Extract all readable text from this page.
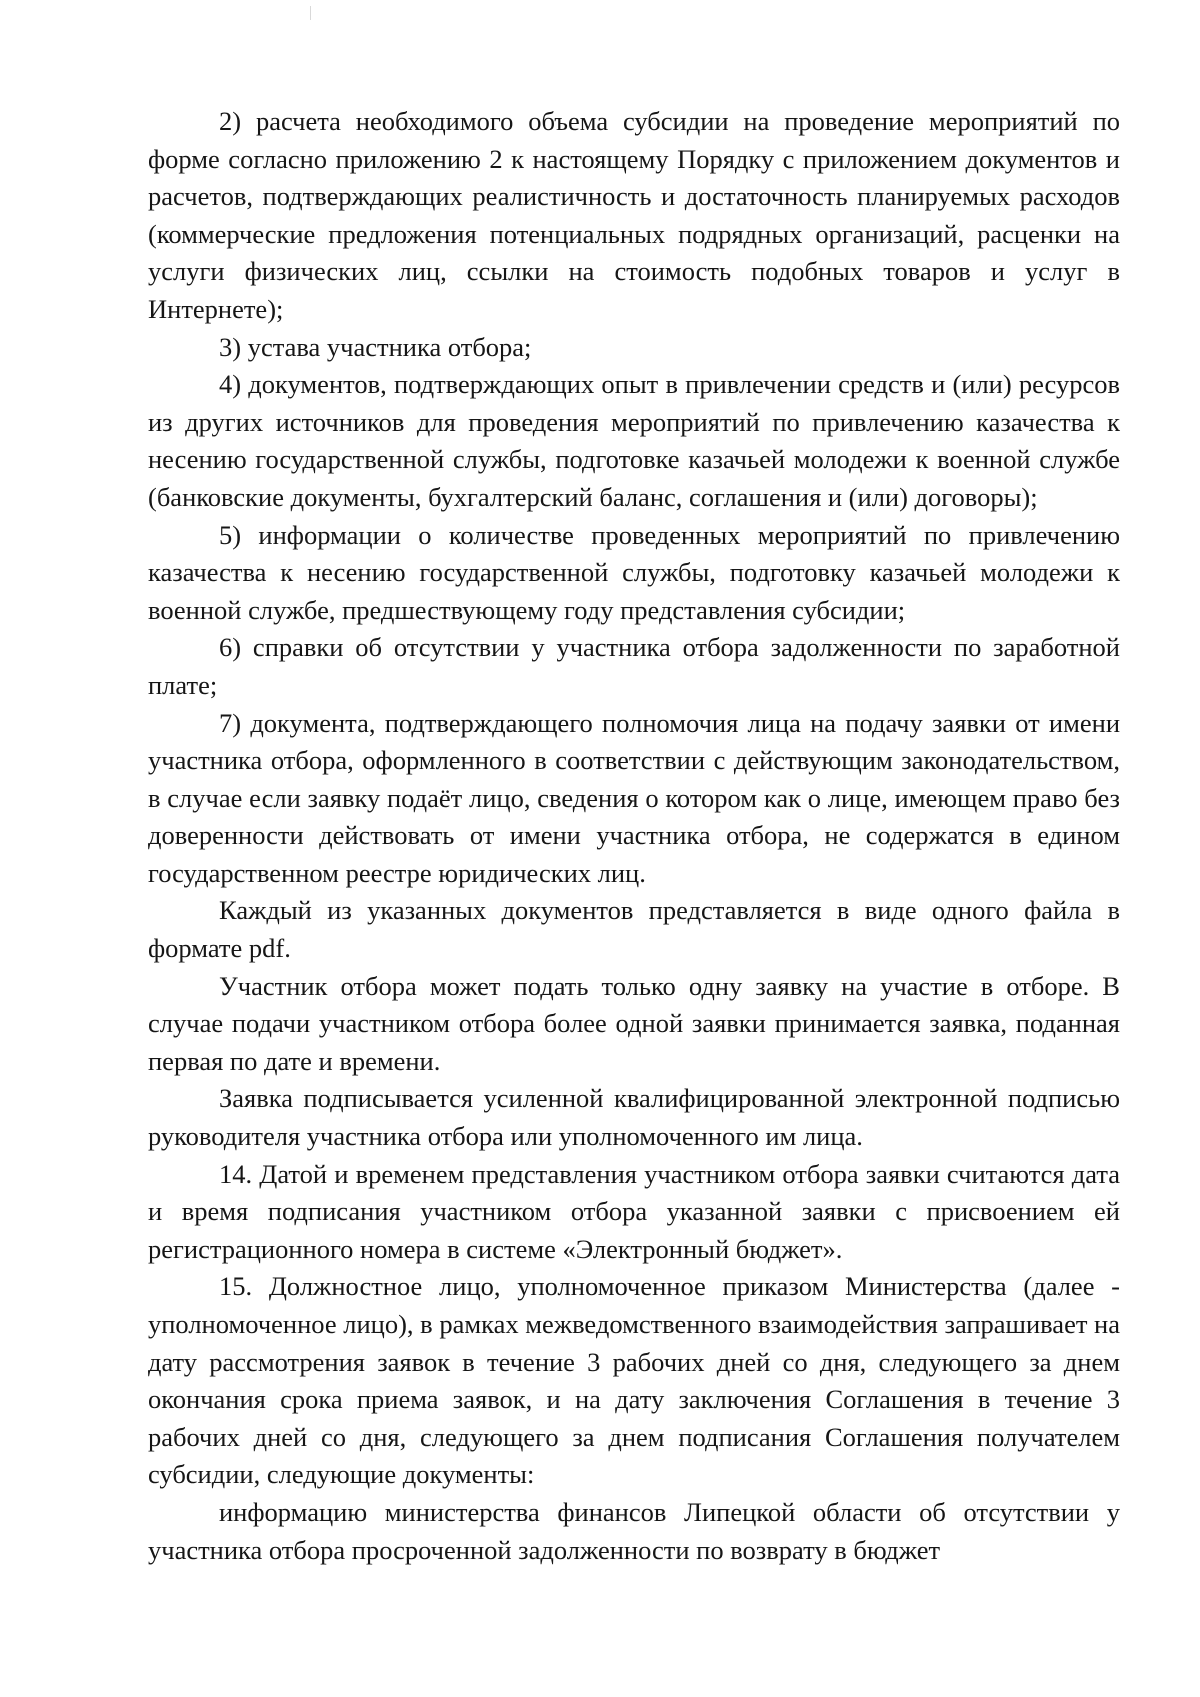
2) расчета необходимого объема субсидии на проведение мероприятий по форме согласно приложению 2 к настоящему Порядку с приложением документов и расчетов, подтверждающих реалистичность и достаточность планируемых расходов (коммерческие предложения потенциальных подрядных организаций, расценки на услуги физических лиц, ссылки на стоимость подобных товаров и услуг в Интернете);

3) устава участника отбора;

4) документов, подтверждающих опыт в привлечении средств и (или) ресурсов из других источников для проведения мероприятий по привлечению казачества к несению государственной службы, подготовке казачьей молодежи к военной службе (банковские документы, бухгалтерский баланс, соглашения и (или) договоры);

5) информации о количестве проведенных мероприятий по привлечению казачества к несению государственной службы, подготовку казачьей молодежи к военной службе, предшествующему году представления субсидии;

6) справки об отсутствии у участника отбора задолженности по заработной плате;

7) документа, подтверждающего полномочия лица на подачу заявки от имени участника отбора, оформленного в соответствии с действующим законодательством, в случае если заявку подаёт лицо, сведения о котором как о лице, имеющем право без доверенности действовать от имени участника отбора, не содержатся в едином государственном реестре юридических лиц.

Каждый из указанных документов представляется в виде одного файла в формате pdf.

Участник отбора может подать только одну заявку на участие в отборе. В случае подачи участником отбора более одной заявки принимается заявка, поданная первая по дате и времени.

Заявка подписывается усиленной квалифицированной электронной подписью руководителя участника отбора или уполномоченного им лица.

14. Датой и временем представления участником отбора заявки считаются дата и время подписания участником отбора указанной заявки с присвоением ей регистрационного номера в системе «Электронный бюджет».

15. Должностное лицо, уполномоченное приказом Министерства (далее - уполномоченное лицо), в рамках межведомственного взаимодействия запрашивает на дату рассмотрения заявок в течение 3 рабочих дней со дня, следующего за днем окончания срока приема заявок, и на дату заключения Соглашения в течение 3 рабочих дней со дня, следующего за днем подписания Соглашения получателем субсидии, следующие документы:

информацию министерства финансов Липецкой области об отсутствии у участника отбора просроченной задолженности по возврату в бюджет
